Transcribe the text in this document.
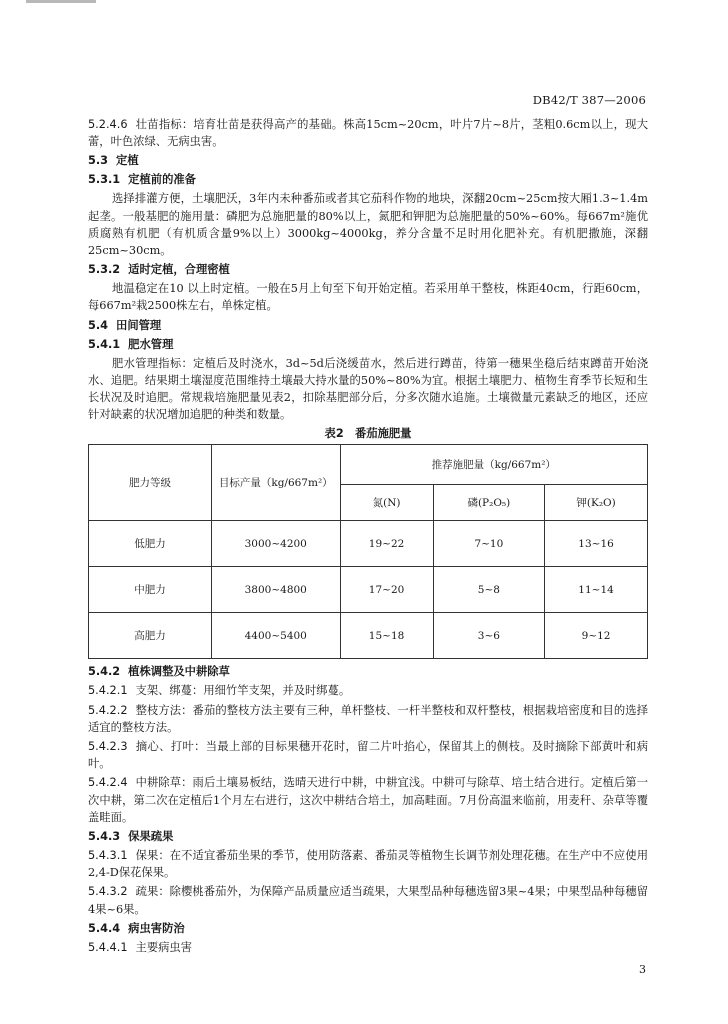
DB42/T 387—2006

5.2.4.6 壮苗指标：培育壮苗是获得高产的基础。株高15cm~20cm，叶片7片~8片，茎粗0.6cm以上，现大蕾，叶色浓绿、无病虫害。

5.3 定植
5.3.1 定植前的准备

选择排灌方便，土壤肥沃，3年内未种番茄或者其它茄科作物的地块，深翻20cm~25cm按大厢1.3~1.4m起垄。一般基肥的施用量：磷肥为总施肥量的80%以上，氮肥和钾肥为总施肥量的50%~60%。每667m²施优质腐熟有机肥（有机质含量9%以上）3000kg~4000kg，养分含量不足时用化肥补充。有机肥撒施，深翻25cm~30cm。

5.3.2 适时定植，合理密植

地温稳定在10 以上时定植。一般在5月上旬至下旬开始定植。若采用单干整枝，株距40cm，行距60cm，每667m²栽2500株左右，单株定植。

5.4 田间管理
5.4.1 肥水管理

肥水管理指标：定植后及时浇水，3d~5d后浇缓苗水，然后进行蹲苗，待第一穗果坐稳后结束蹲苗开始浇水、追肥。结果期土壤湿度范围维持土壤最大持水量的50%~80%为宜。根据土壤肥力、植物生育季节长短和生长状况及时追肥。常规栽培施肥量见表2，扣除基肥部分后，分多次随水追施。土壤微量元素缺乏的地区，还应针对缺素的状况增加追肥的种类和数量。

表2　番茄施肥量
肥力等级	目标产量（kg/667m²）	推荐施肥量（kg/667m²）		
		氮(N)	磷(P₂O₅)	钾(K₂O)
低肥力	3000~4200	19~22	7~10	13~16
中肥力	3800~4800	17~20	5~8	11~14
高肥力	4400~5400	15~18	3~6	9~12
5.4.2 植株调整及中耕除草

5.4.2.1 支架、绑蔓：用细竹竿支架，并及时绑蔓。

5.4.2.2 整枝方法：番茄的整枝方法主要有三种，单杆整枝、一杆半整枝和双杆整枝，根据栽培密度和目的选择适宜的整枝方法。

5.4.2.3 摘心、打叶：当最上部的目标果穗开花时，留二片叶掐心，保留其上的侧枝。及时摘除下部黄叶和病叶。

5.4.2.4 中耕除草：雨后土壤易板结，选晴天进行中耕，中耕宜浅。中耕可与除草、培土结合进行。定植后第一次中耕，第二次在定植后1个月左右进行，这次中耕结合培土，加高畦面。7月份高温来临前，用麦秆、杂草等覆盖畦面。

5.4.3 保果疏果

5.4.3.1 保果：在不适宜番茄坐果的季节，使用防落素、番茄灵等植物生长调节剂处理花穗。在生产中不应使用2,4-D保花保果。

5.4.3.2 疏果：除樱桃番茄外，为保障产品质量应适当疏果，大果型品种每穗选留3果~4果；中果型品种每穗留4果~6果。

5.4.4 病虫害防治

5.4.4.1 主要病虫害

3
